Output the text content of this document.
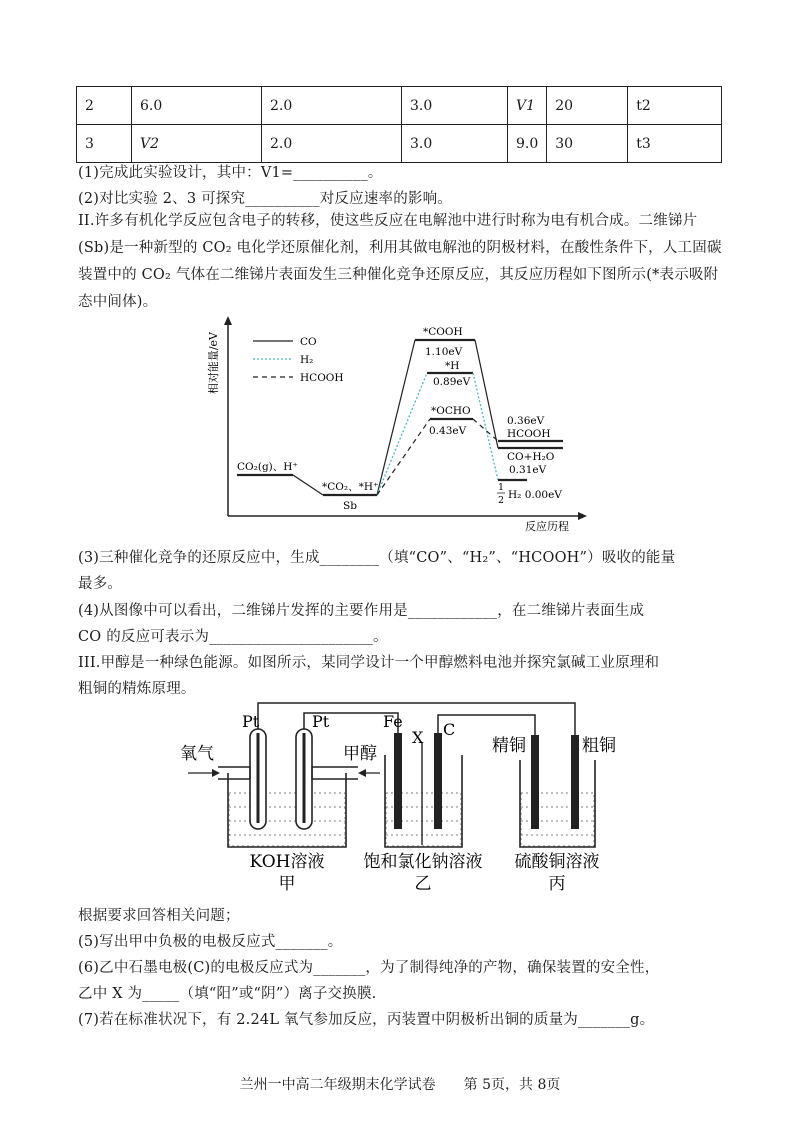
2	6.0	2.0	3.0	V1	20	t2
3	V2	2.0	3.0	9.0	30	t3
(1)完成此实验设计，其中：V1=__________。
(2)对比实验 2、3 可探究__________对反应速率的影响。
II.许多有机化学反应包含电子的转移，使这些反应在电解池中进行时称为电有机合成。二维锑片(Sb)是一种新型的 CO₂ 电化学还原催化剂，利用其做电解池的阴极材料，在酸性条件下，人工固碳装置中的 CO₂ 气体在二维锑片表面发生三种催化竞争还原反应，其反应历程如下图所示(*表示吸附态中间体)。
相对能量/eV
反应历程
CO
H₂
HCOOH
CO₂(g)、H⁺
*CO₂、*H⁺
Sb
*COOH
1.10eV
*H
0.89eV
*OCHO
0.43eV
0.36eV
HCOOH
CO+H₂O
0.31eV
1
2 H₂ 0.00eV
(3)三种催化竞争的还原反应中，生成________（填“CO”、“H₂”、“HCOOH”）吸收的能量
最多。
(4)从图像中可以看出，二维锑片发挥的主要作用是____________，在二维锑片表面生成
CO 的反应可表示为______________________。
III.甲醇是一种绿色能源。如图所示，某同学设计一个甲醇燃料电池并探究氯碱工业原理和
粗铜的精炼原理。
Pt	Pt
氧气	甲醇
Fe
X C
精铜	粗铜
KOH溶液
甲
饱和氯化钠溶液
乙
硫酸铜溶液
丙
根据要求回答相关问题；
(5)写出甲中负极的电极反应式_______。
(6)乙中石墨电极(C)的电极反应式为_______，为了制得纯净的产物，确保装置的安全性，
乙中 X 为_____（填“阳”或“阴”）离子交换膜.
(7)若在标准状况下，有 2.24L 氧气参加反应，丙装置中阴极析出铜的质量为_______g。
兰州一中高二年级期末化学试卷　　第 5页，共 8页
